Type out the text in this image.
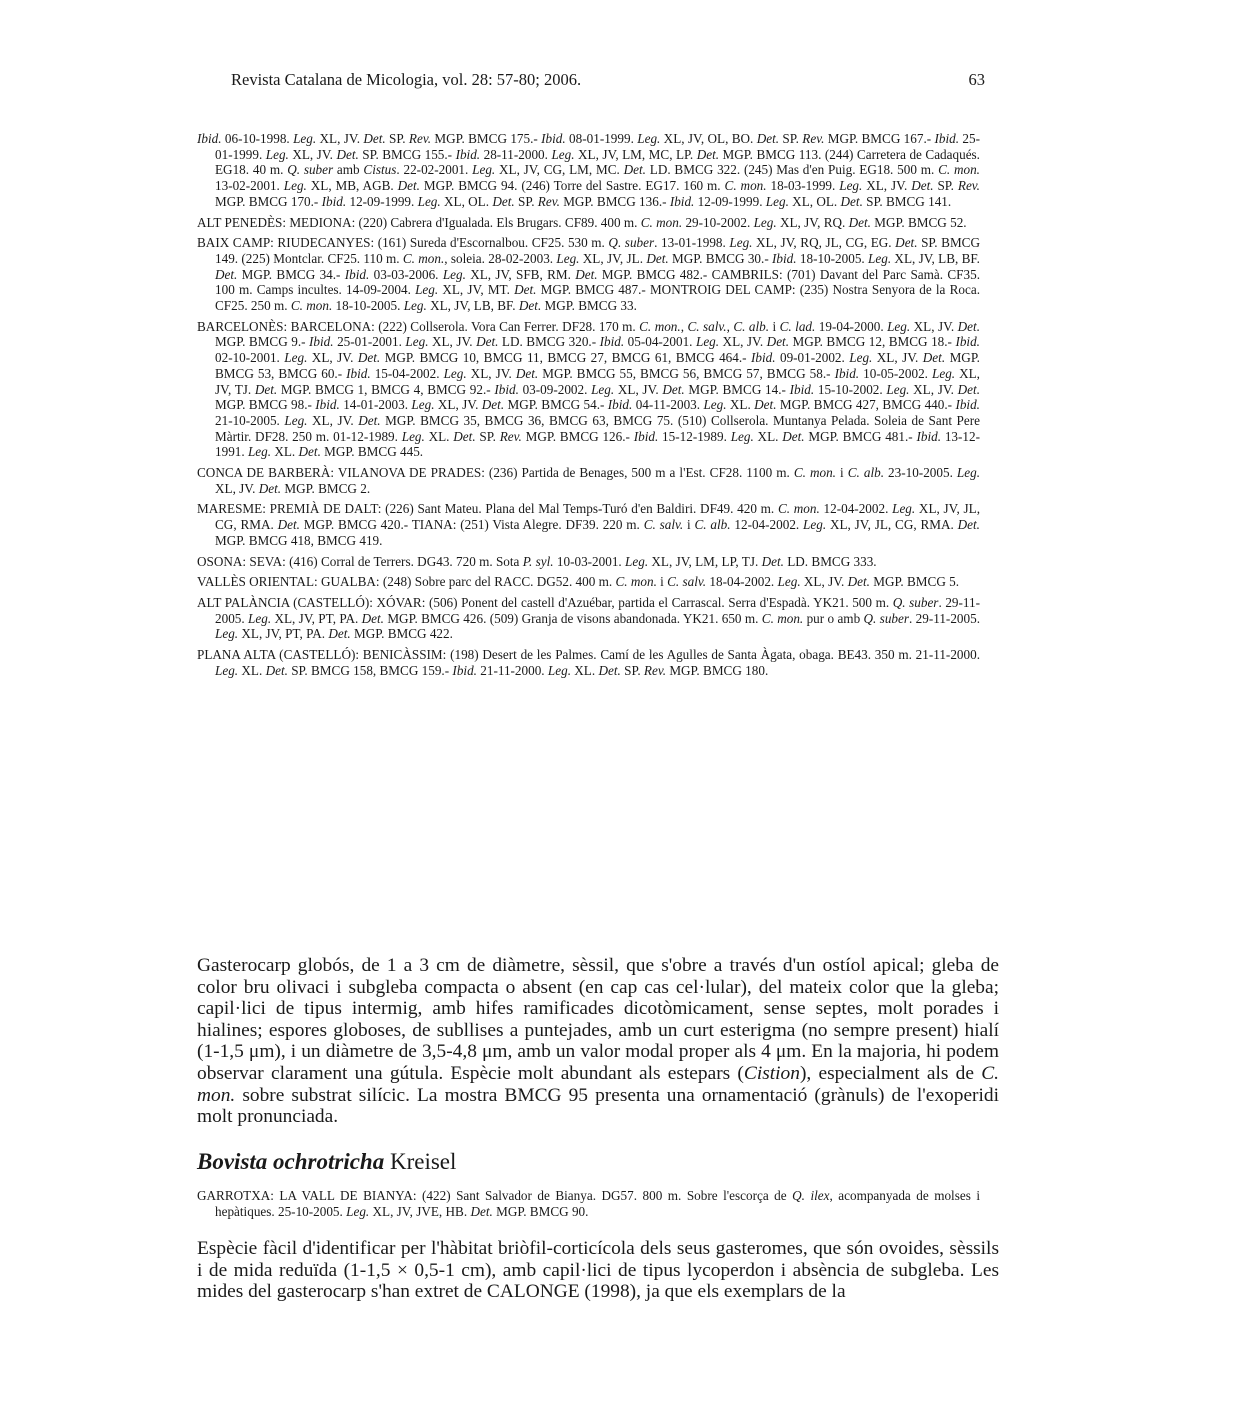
Revista Catalana de Micologia, vol. 28: 57-80; 2006.	63

Ibid. 06-10-1998. Leg. XL, JV. Det. SP. Rev. MGP. BMCG 175.- Ibid. 08-01-1999. Leg. XL, JV, OL, BO. Det. SP. Rev. MGP. BMCG 167.- Ibid. 25-01-1999. Leg. XL, JV. Det. SP. BMCG 155.- Ibid. 28-11-2000. Leg. XL, JV, LM, MC, LP. Det. MGP. BMCG 113. (244) Carretera de Cadaqués. EG18. 40 m. Q. suber amb Cistus. 22-02-2001. Leg. XL, JV, CG, LM, MC. Det. LD. BMCG 322. (245) Mas d'en Puig. EG18. 500 m. C. mon. 13-02-2001. Leg. XL, MB, AGB. Det. MGP. BMCG 94. (246) Torre del Sastre. EG17. 160 m. C. mon. 18-03-1999. Leg. XL, JV. Det. SP. Rev. MGP. BMCG 170.- Ibid. 12-09-1999. Leg. XL, OL. Det. SP. Rev. MGP. BMCG 136.- Ibid. 12-09-1999. Leg. XL, OL. Det. SP. BMCG 141.

ALT PENEDÈS: MEDIONA: (220) Cabrera d'Igualada. Els Brugars. CF89. 400 m. C. mon. 29-10-2002. Leg. XL, JV, RQ. Det. MGP. BMCG 52.

BAIX CAMP: RIUDECANYES: (161) Sureda d'Escornalbou. CF25. 530 m. Q. suber. 13-01-1998. Leg. XL, JV, RQ, JL, CG, EG. Det. SP. BMCG 149. (225) Montclar. CF25. 110 m. C. mon., soleia. 28-02-2003. Leg. XL, JV, JL. Det. MGP. BMCG 30.- Ibid. 18-10-2005. Leg. XL, JV, LB, BF. Det. MGP. BMCG 34.- Ibid. 03-03-2006. Leg. XL, JV, SFB, RM. Det. MGP. BMCG 482.- CAMBRILS: (701) Davant del Parc Samà. CF35. 100 m. Camps incultes. 14-09-2004. Leg. XL, JV, MT. Det. MGP. BMCG 487.- MONTROIG DEL CAMP: (235) Nostra Senyora de la Roca. CF25. 250 m. C. mon. 18-10-2005. Leg. XL, JV, LB, BF. Det. MGP. BMCG 33.

BARCELONÈS: BARCELONA: (222) Collserola. Vora Can Ferrer. DF28. 170 m. C. mon., C. salv., C. alb. i C. lad. 19-04-2000. Leg. XL, JV. Det. MGP. BMCG 9.- Ibid. 25-01-2001. Leg. XL, JV. Det. LD. BMCG 320.- Ibid. 05-04-2001. Leg. XL, JV. Det. MGP. BMCG 12, BMCG 18.- Ibid. 02-10-2001. Leg. XL, JV. Det. MGP. BMCG 10, BMCG 11, BMCG 27, BMCG 61, BMCG 464.- Ibid. 09-01-2002. Leg. XL, JV. Det. MGP. BMCG 53, BMCG 60.- Ibid. 15-04-2002. Leg. XL, JV. Det. MGP. BMCG 55, BMCG 56, BMCG 57, BMCG 58.- Ibid. 10-05-2002. Leg. XL, JV, TJ. Det. MGP. BMCG 1, BMCG 4, BMCG 92.- Ibid. 03-09-2002. Leg. XL, JV. Det. MGP. BMCG 14.- Ibid. 15-10-2002. Leg. XL, JV. Det. MGP. BMCG 98.- Ibid. 14-01-2003. Leg. XL, JV. Det. MGP. BMCG 54.- Ibid. 04-11-2003. Leg. XL. Det. MGP. BMCG 427, BMCG 440.- Ibid. 21-10-2005. Leg. XL, JV. Det. MGP. BMCG 35, BMCG 36, BMCG 63, BMCG 75. (510) Collserola. Muntanya Pelada. Soleia de Sant Pere Màrtir. DF28. 250 m. 01-12-1989. Leg. XL. Det. SP. Rev. MGP. BMCG 126.- Ibid. 15-12-1989. Leg. XL. Det. MGP. BMCG 481.- Ibid. 13-12-1991. Leg. XL. Det. MGP. BMCG 445.

CONCA DE BARBERÀ: VILANOVA DE PRADES: (236) Partida de Benages, 500 m a l'Est. CF28. 1100 m. C. mon. i C. alb. 23-10-2005. Leg. XL, JV. Det. MGP. BMCG 2.

MARESME: PREMIÀ DE DALT: (226) Sant Mateu. Plana del Mal Temps-Turó d'en Baldiri. DF49. 420 m. C. mon. 12-04-2002. Leg. XL, JV, JL, CG, RMA. Det. MGP. BMCG 420.- TIANA: (251) Vista Alegre. DF39. 220 m. C. salv. i C. alb. 12-04-2002. Leg. XL, JV, JL, CG, RMA. Det. MGP. BMCG 418, BMCG 419.

OSONA: SEVA: (416) Corral de Terrers. DG43. 720 m. Sota P. syl. 10-03-2001. Leg. XL, JV, LM, LP, TJ. Det. LD. BMCG 333.

VALLÈS ORIENTAL: GUALBA: (248) Sobre parc del RACC. DG52. 400 m. C. mon. i C. salv. 18-04-2002. Leg. XL, JV. Det. MGP. BMCG 5.

ALT PALÀNCIA (CASTELLÓ): XÓVAR: (506) Ponent del castell d'Azuébar, partida el Carrascal. Serra d'Espadà. YK21. 500 m. Q. suber. 29-11-2005. Leg. XL, JV, PT, PA. Det. MGP. BMCG 426. (509) Granja de visons abandonada. YK21. 650 m. C. mon. pur o amb Q. suber. 29-11-2005. Leg. XL, JV, PT, PA. Det. MGP. BMCG 422.

PLANA ALTA (CASTELLÓ): BENICÀSSIM: (198) Desert de les Palmes. Camí de les Agulles de Santa Àgata, obaga. BE43. 350 m. 21-11-2000. Leg. XL. Det. SP. BMCG 158, BMCG 159.- Ibid. 21-11-2000. Leg. XL. Det. SP. Rev. MGP. BMCG 180.

Gasterocarp globós, de 1 a 3 cm de diàmetre, sèssil, que s'obre a través d'un ostíol apical; gleba de color bru olivaci i subgleba compacta o absent (en cap cas cel·lular), del mateix color que la gleba; capil·lici de tipus intermig, amb hifes ramificades dicotòmicament, sense septes, molt porades i hialines; espores globoses, de subllises a puntejades, amb un curt esterigma (no sempre present) hialí (1-1,5 μm), i un diàmetre de 3,5-4,8 μm, amb un valor modal proper als 4 μm. En la majoria, hi podem observar clarament una gútula. Espècie molt abundant als estepars (Cistion), especialment als de C. mon. sobre substrat silícic. La mostra BMCG 95 presenta una ornamentació (grànuls) de l'exoperidi molt pronunciada.

Bovista ochrotricha Kreisel

GARROTXA: LA VALL DE BIANYA: (422) Sant Salvador de Bianya. DG57. 800 m. Sobre l'escorça de Q. ilex, acompanyada de molses i hepàtiques. 25-10-2005. Leg. XL, JV, JVE, HB. Det. MGP. BMCG 90.

Espècie fàcil d'identificar per l'hàbitat briòfil-corticícola dels seus gasteromes, que són ovoides, sèssils i de mida reduïda (1-1,5 × 0,5-1 cm), amb capil·lici de tipus lycoperdon i absència de subgleba. Les mides del gasterocarp s'han extret de CALONGE (1998), ja que els exemplars de la
